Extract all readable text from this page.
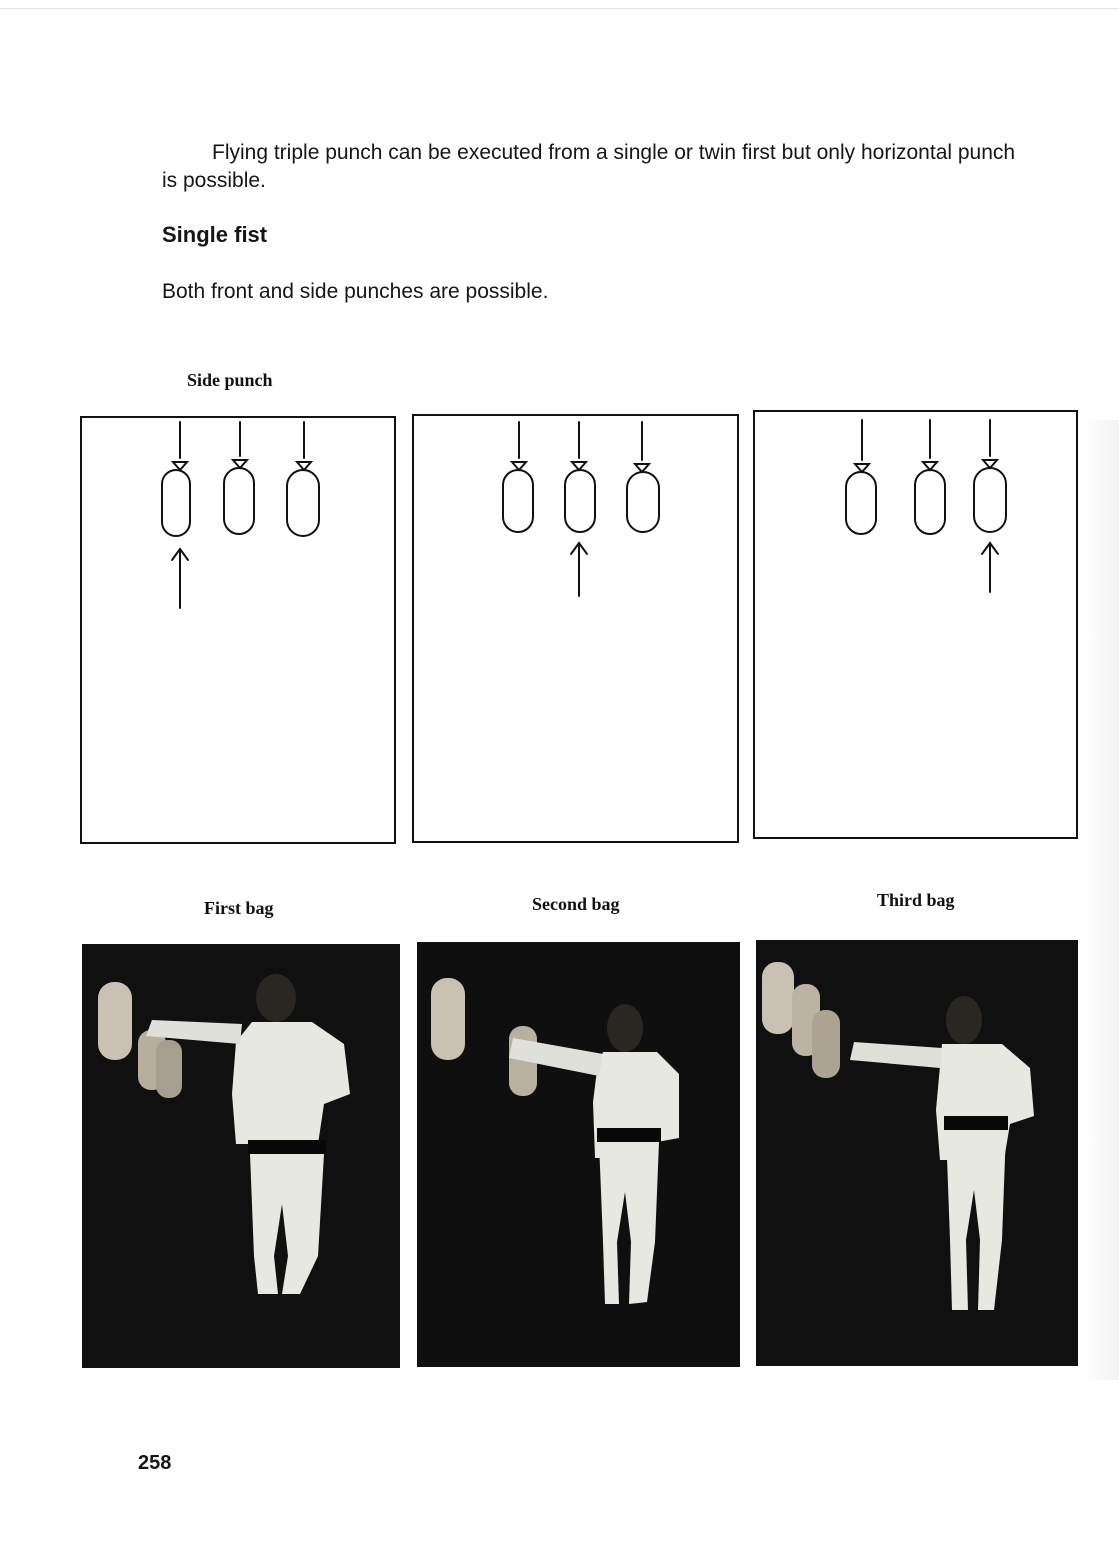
Flying triple punch can be executed from a single or twin first but only horizontal punch is possible.

Single fist

Both front and side punches are possible.

Side punch

First bag	Second bag	Third bag

258
